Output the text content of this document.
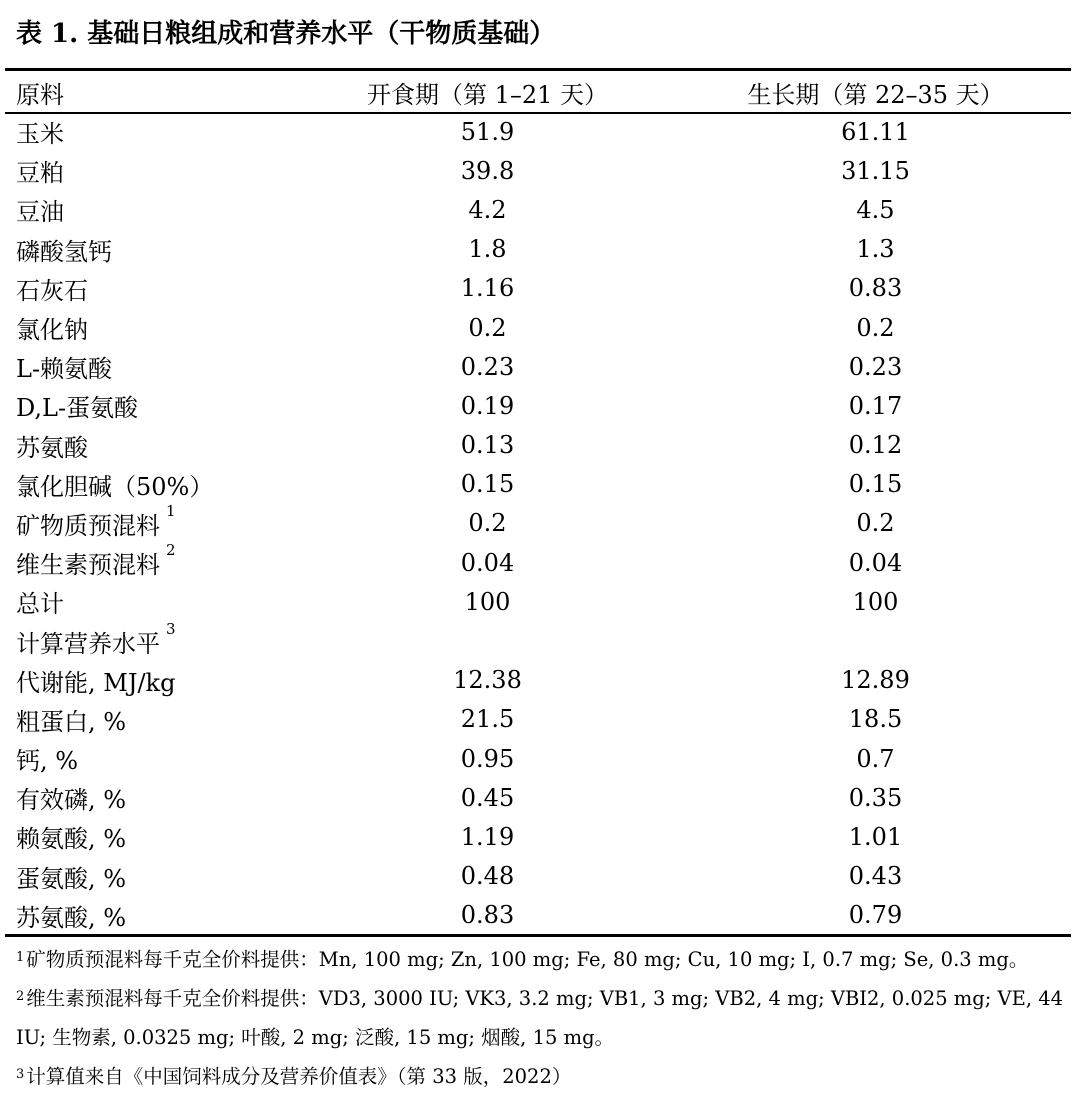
表 1. 基础日粮组成和营养水平（干物质基础）
原料	开食期（第 1–21 天）	生长期（第 22–35 天）
玉米	51.9	61.11
豆粕	39.8	31.15
豆油	4.2	4.5
磷酸氢钙	1.8	1.3
石灰石	1.16	0.83
氯化钠	0.2	0.2
L-赖氨酸	0.23	0.23
D,L-蛋氨酸	0.19	0.17
苏氨酸	0.13	0.12
氯化胆碱（50%）	0.15	0.15
矿物质预混料$^1$	0.2	0.2
维生素预混料$^2$	0.04	0.04
总计	100	100
计算营养水平$^3$		
代谢能, MJ/kg	12.38	12.89
粗蛋白, %	21.5	18.5
钙, %	0.95	0.7
有效磷, %	0.45	0.35
赖氨酸, %	1.19	1.01
蛋氨酸, %	0.48	0.43
苏氨酸, %	0.83	0.79

$^1$ 矿物质预混料每千克全价料提供：Mn, 100 mg; Zn, 100 mg; Fe, 80 mg; Cu, 10 mg; I, 0.7 mg; Se, 0.3 mg。

$^2$ 维生素预混料每千克全价料提供：VD3, 3000 IU; VK3, 3.2 mg; VB1, 3 mg; VB2, 4 mg; VBI2, 0.025 mg; VE, 44 IU; 生物素, 0.0325 mg; 叶酸, 2 mg; 泛酸, 15 mg; 烟酸, 15 mg。

$^3$ 计算值来自《中国饲料成分及营养价值表》（第 33 版，2022）
